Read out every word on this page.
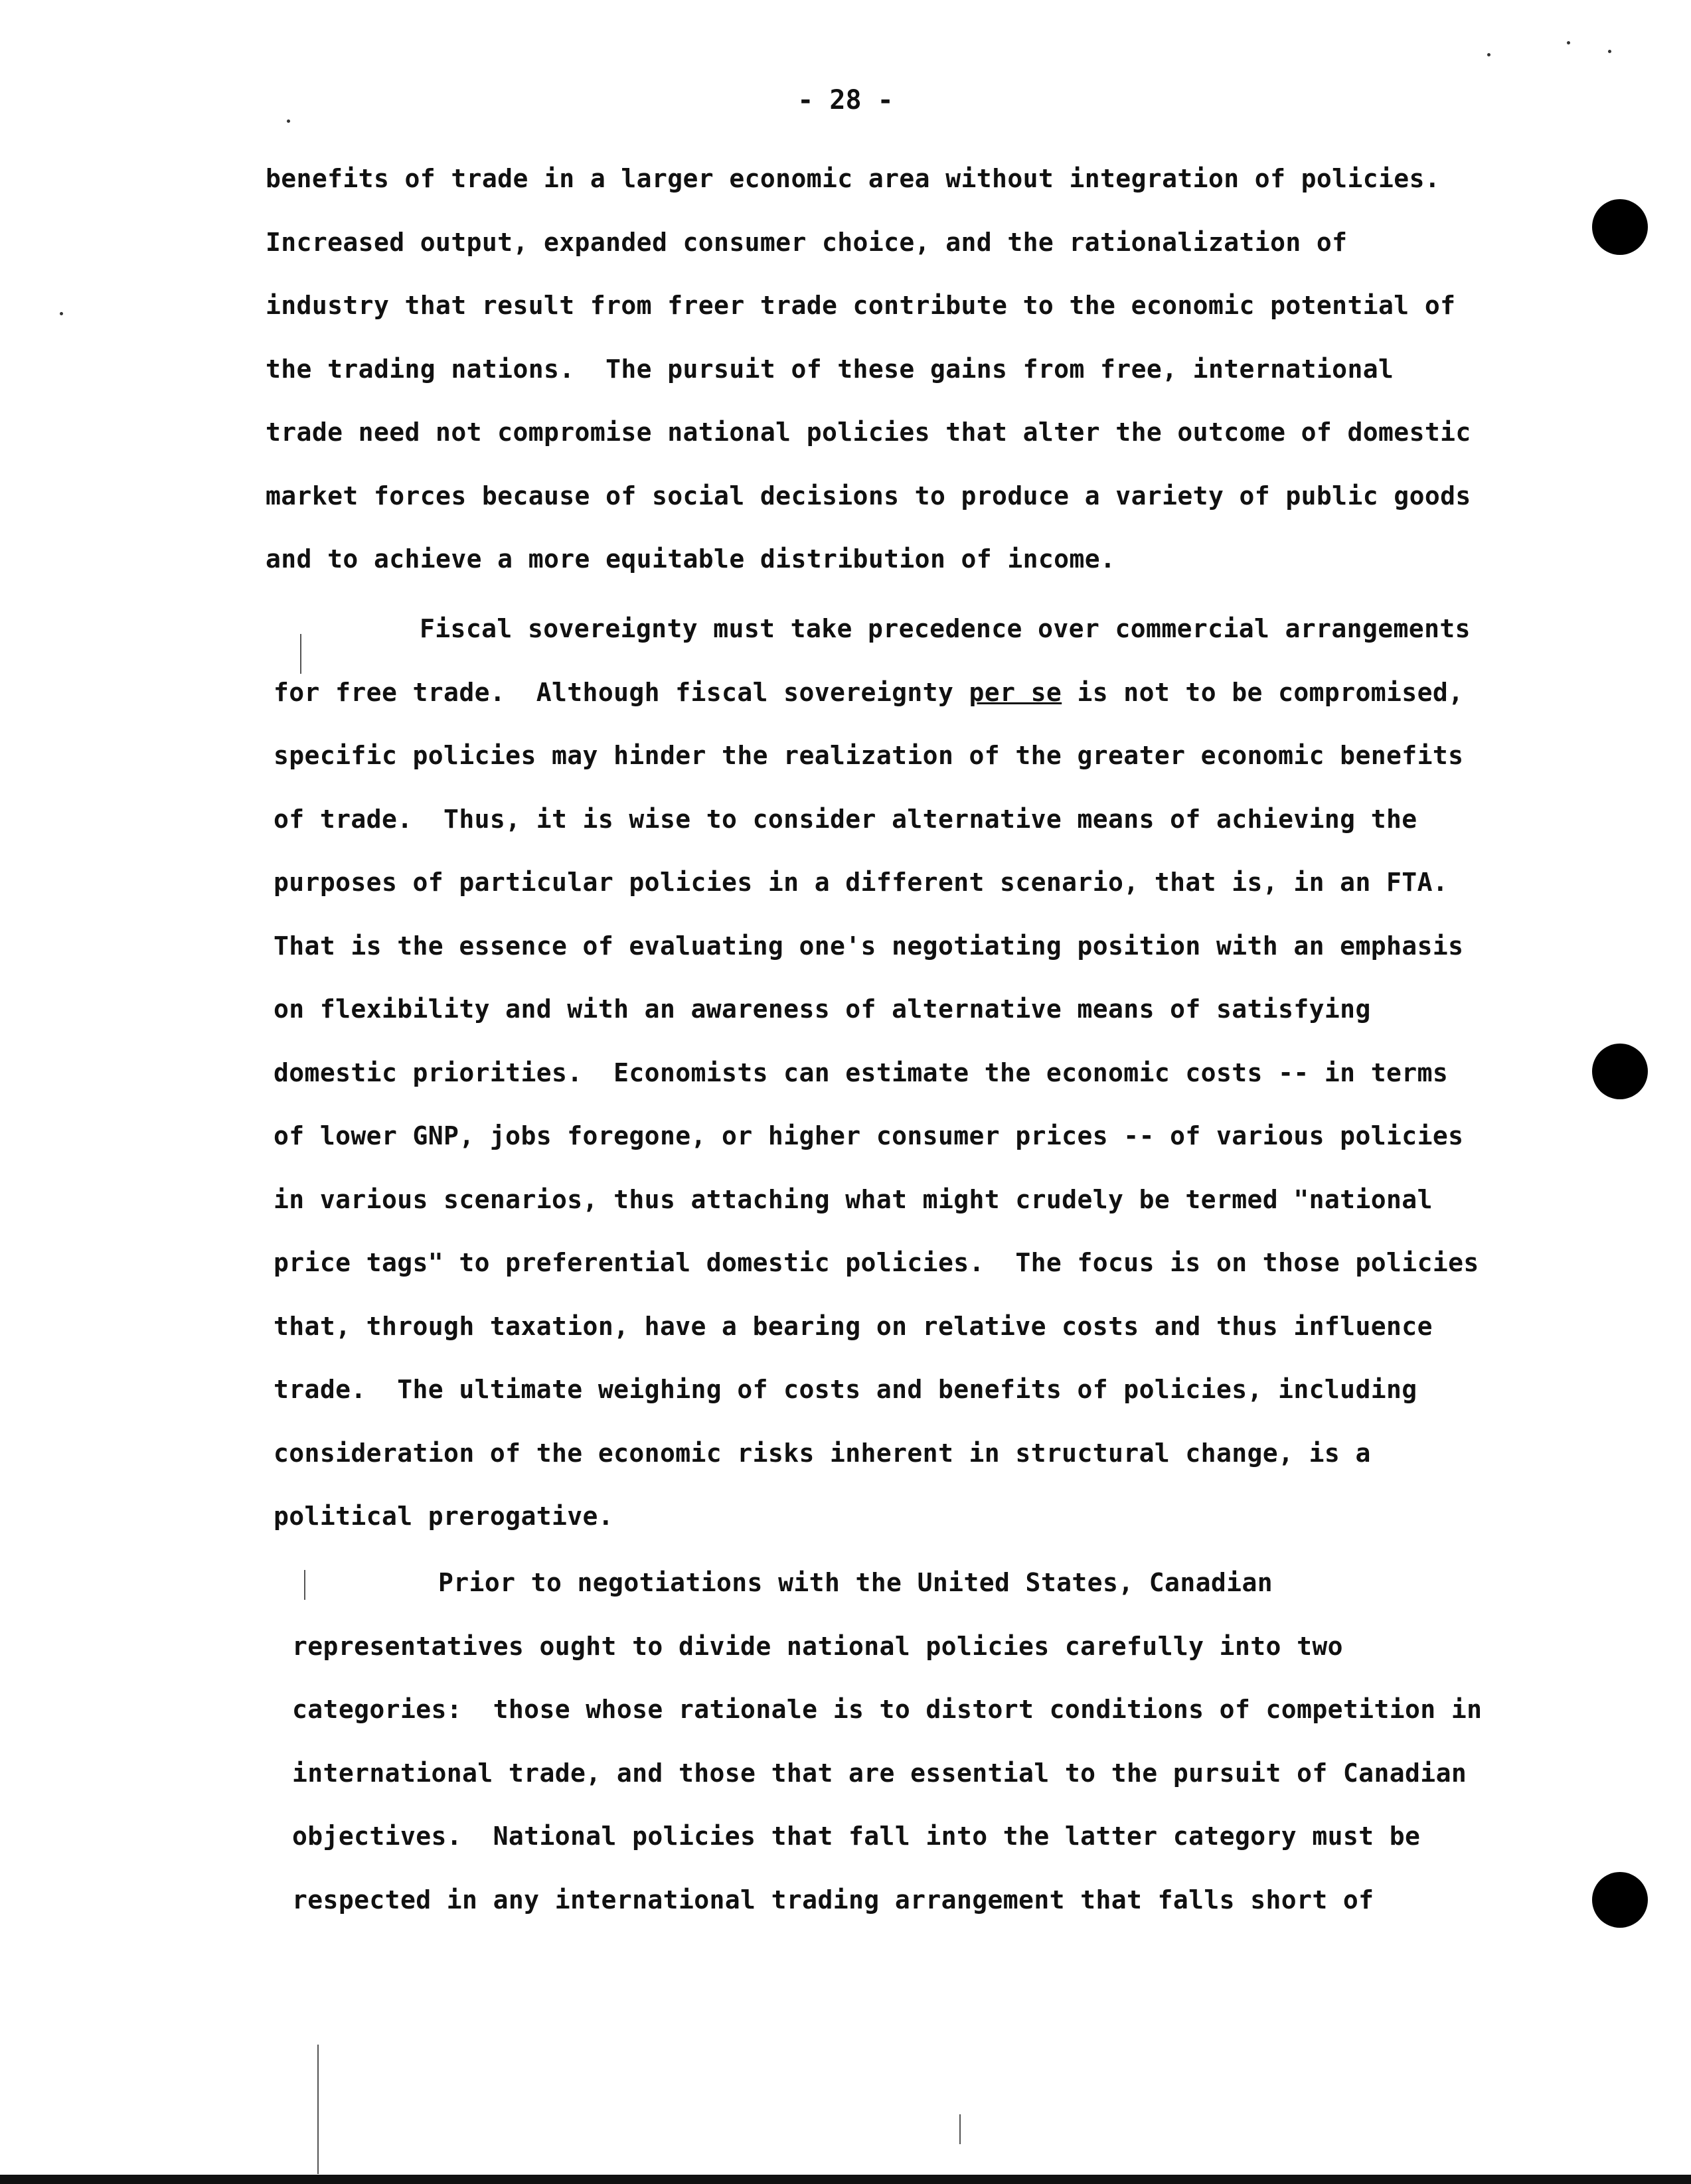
- 28 -
benefits of trade in a larger economic area without integration of policies.
Increased output, expanded consumer choice, and the rationalization of
industry that result from freer trade contribute to the economic potential of
the trading nations.  The pursuit of these gains from free, international
trade need not compromise national policies that alter the outcome of domestic
market forces because of social decisions to produce a variety of public goods
and to achieve a more equitable distribution of income.
Fiscal sovereignty must take precedence over commercial arrangements
for free trade.  Although fiscal sovereignty per se is not to be compromised,
specific policies may hinder the realization of the greater economic benefits
of trade.  Thus, it is wise to consider alternative means of achieving the
purposes of particular policies in a different scenario, that is, in an FTA.
That is the essence of evaluating one's negotiating position with an emphasis
on flexibility and with an awareness of alternative means of satisfying
domestic priorities.  Economists can estimate the economic costs -- in terms
of lower GNP, jobs foregone, or higher consumer prices -- of various policies
in various scenarios, thus attaching what might crudely be termed "national
price tags" to preferential domestic policies.  The focus is on those policies
that, through taxation, have a bearing on relative costs and thus influence
trade.  The ultimate weighing of costs and benefits of policies, including
consideration of the economic risks inherent in structural change, is a
political prerogative.
Prior to negotiations with the United States, Canadian
representatives ought to divide national policies carefully into two
categories:  those whose rationale is to distort conditions of competition in
international trade, and those that are essential to the pursuit of Canadian
objectives.  National policies that fall into the latter category must be
respected in any international trading arrangement that falls short of
